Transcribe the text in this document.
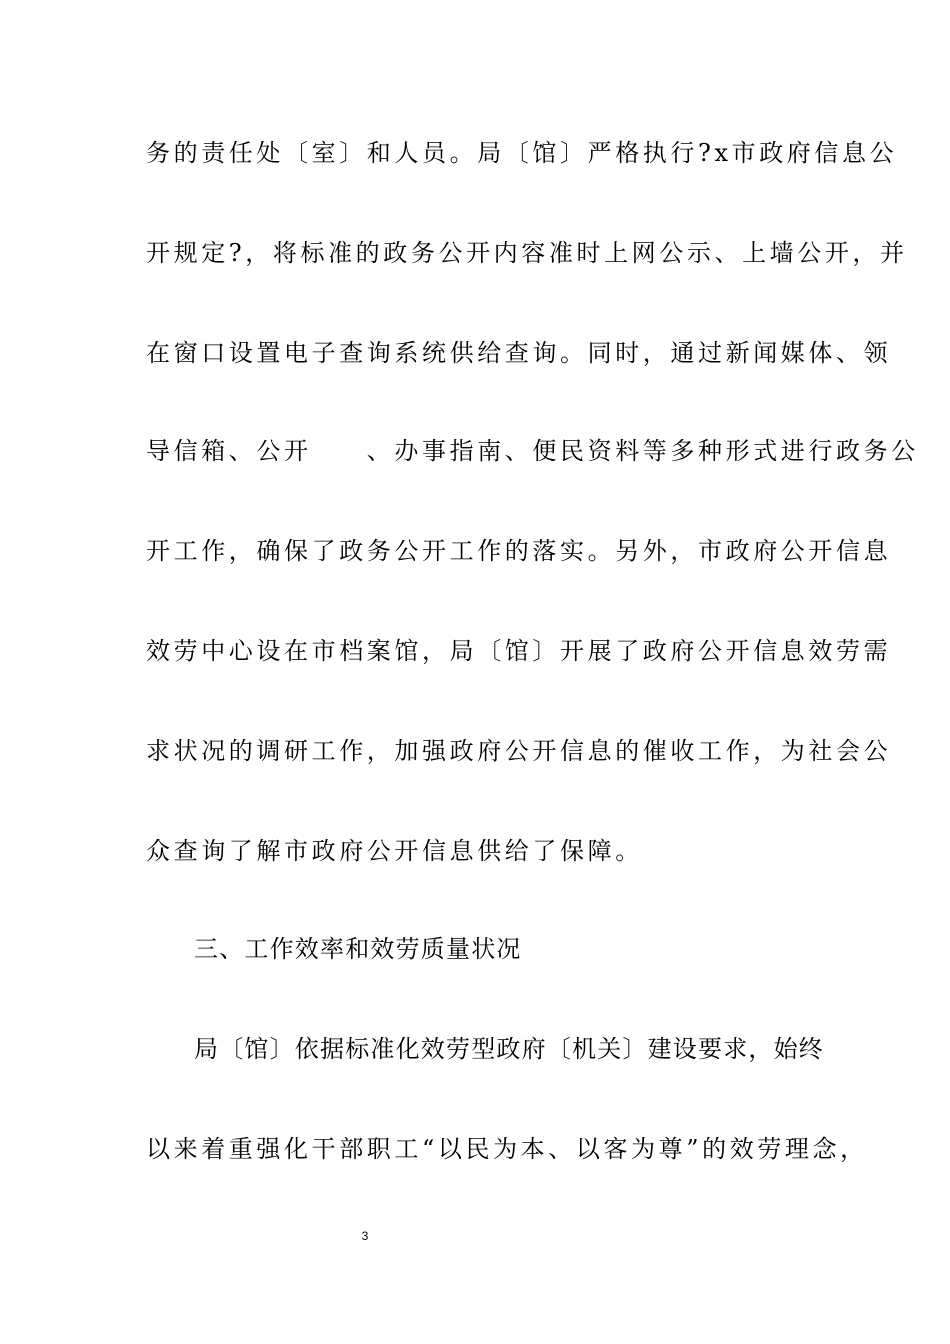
务的责任处〔室〕和人员。局〔馆〕严格执行?x市政府信息公
开规定?，将标准的政务公开内容准时上网公示、上墙公开，并
在窗口设置电子查询系统供给查询。同时，通过新闻媒体、领
导信箱、公开　　、办事指南、便民资料等多种形式进行政务公
开工作，确保了政务公开工作的落实。另外，市政府公开信息
效劳中心设在市档案馆，局〔馆〕开展了政府公开信息效劳需
求状况的调研工作，加强政府公开信息的催收工作，为社会公
众查询了解市政府公开信息供给了保障。
三、工作效率和效劳质量状况
局〔馆〕依据标准化效劳型政府〔机关〕建设要求，始终
以来着重强化干部职工“以民为本、以客为尊”的效劳理念，
3
